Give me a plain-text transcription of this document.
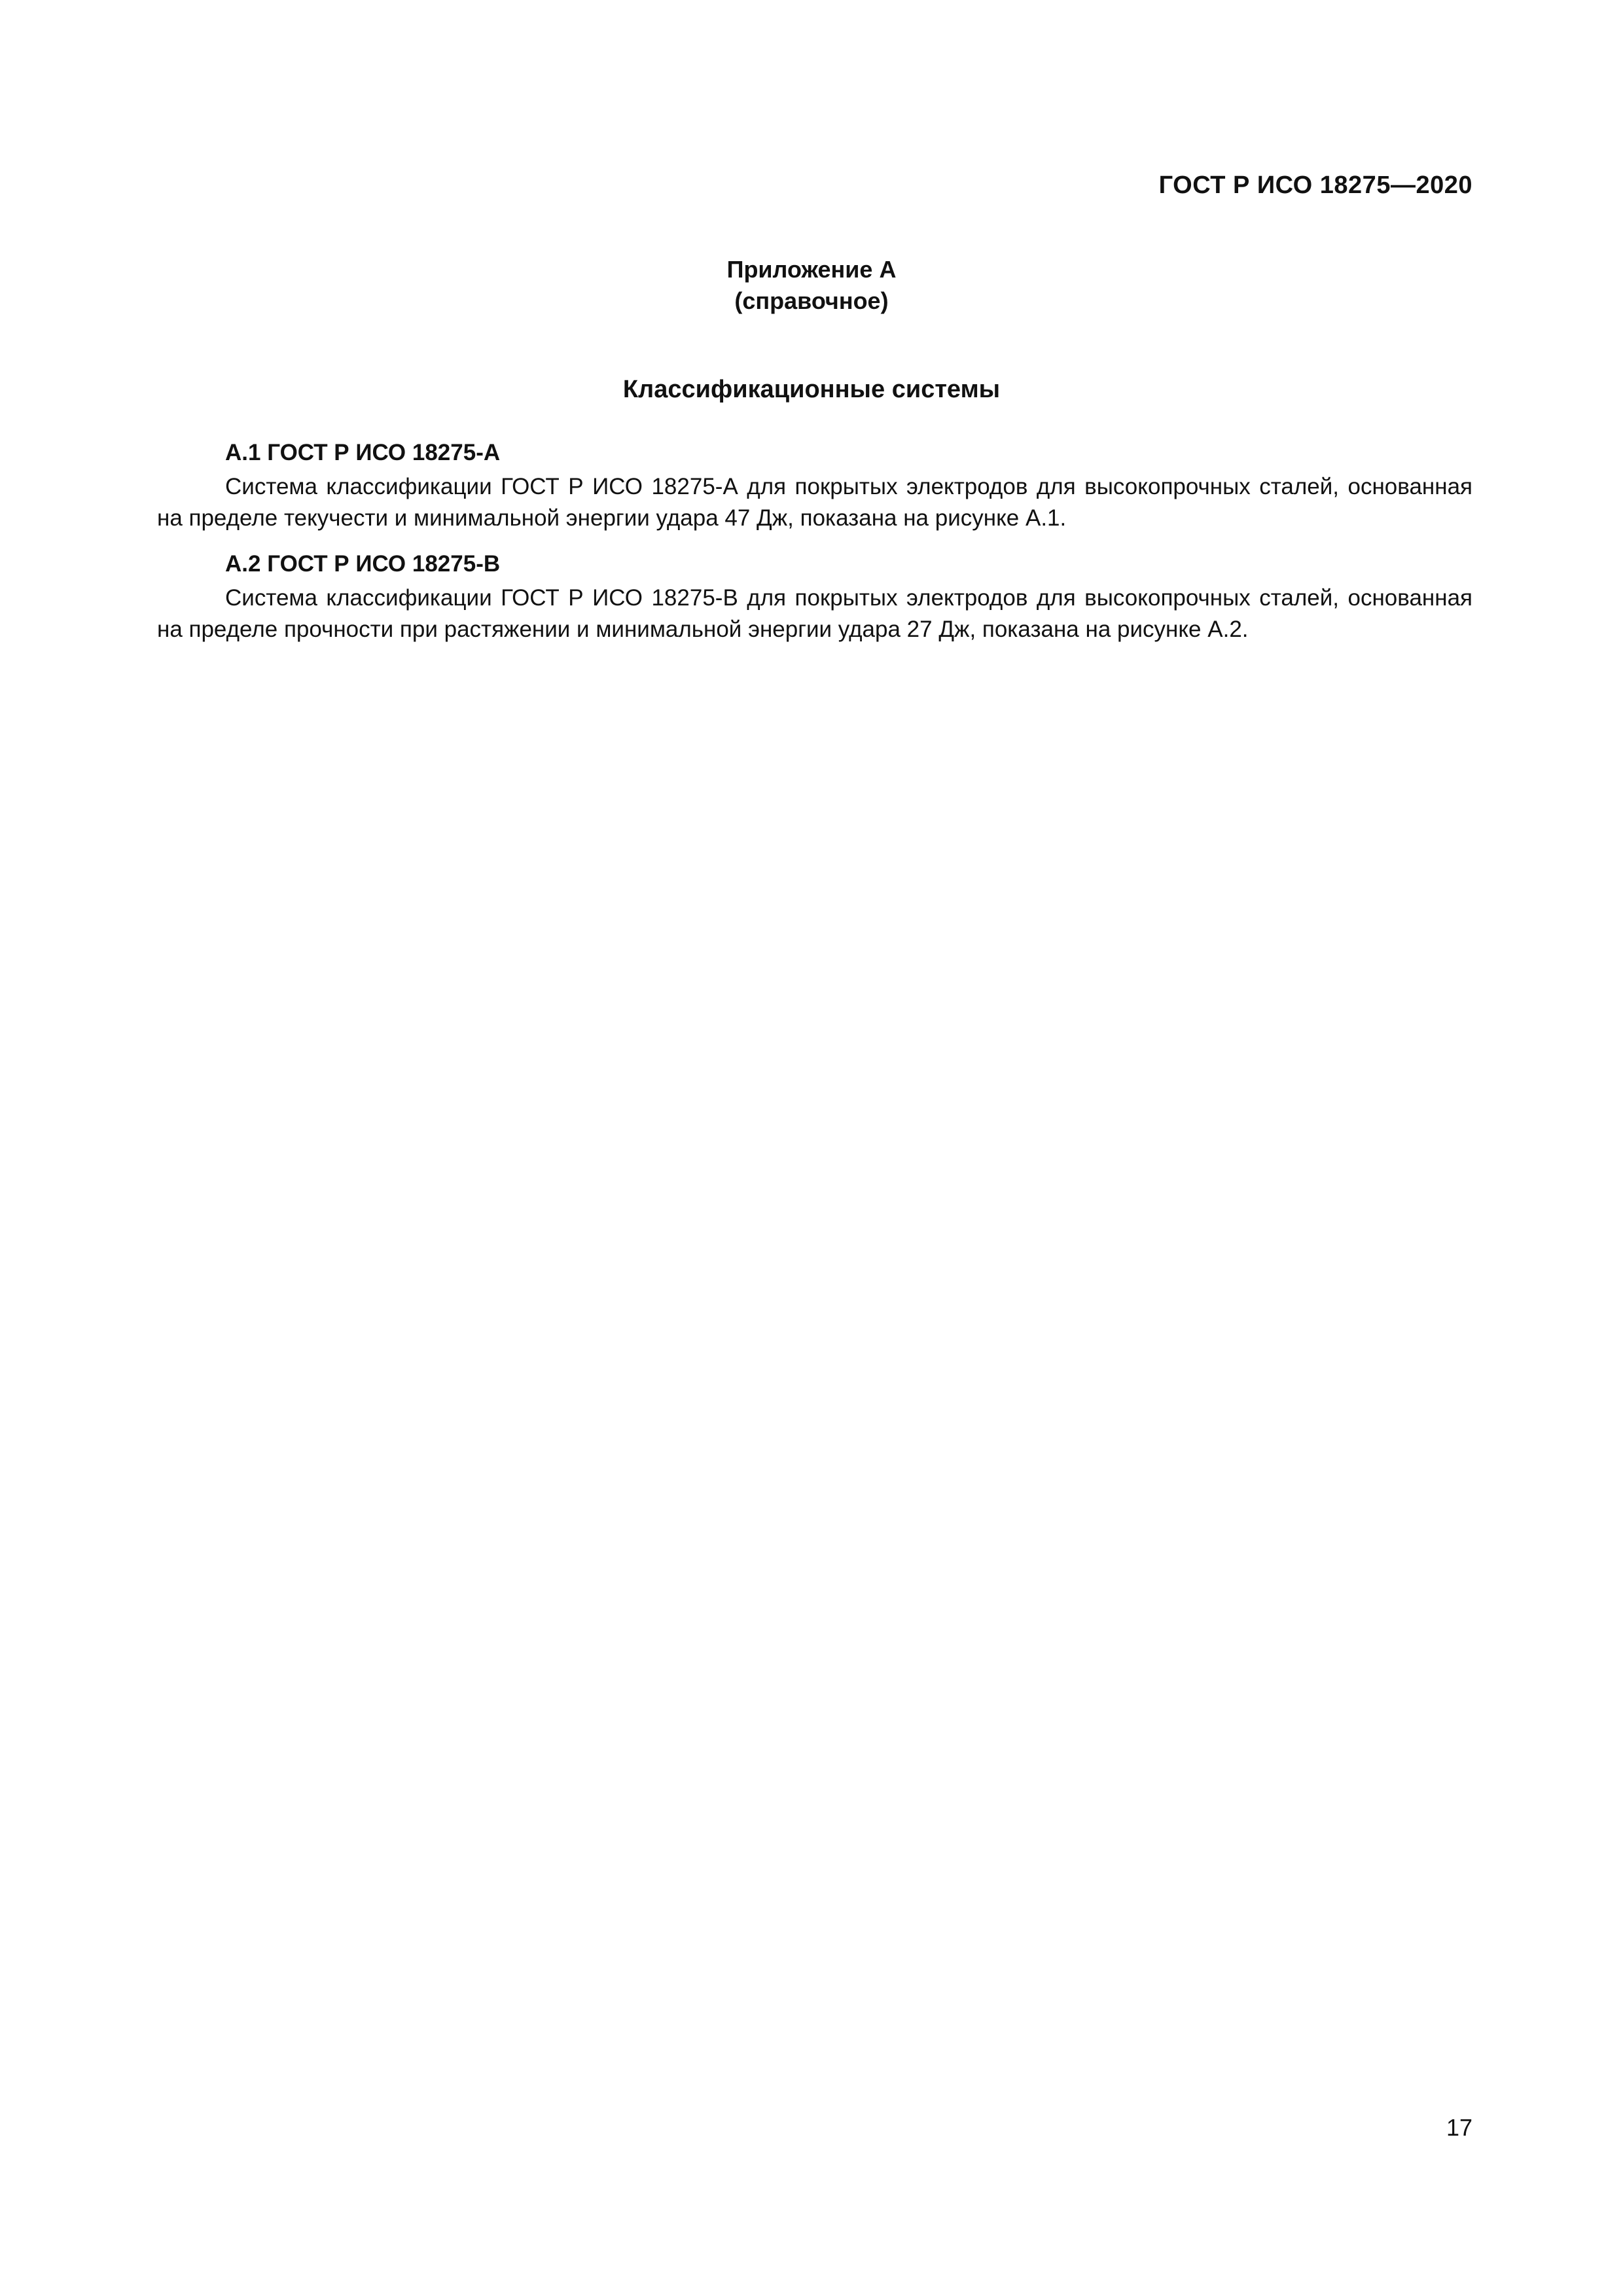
ГОСТ Р ИСО 18275—2020
Приложение А
(справочное)
Классификационные системы

А.1 ГОСТ Р ИСО 18275-А

Система классификации ГОСТ Р ИСО 18275-А для покрытых электродов для высокопрочных сталей, основанная на пределе текучести и минимальной энергии удара 47 Дж, показана на рисунке А.1.

А.2 ГОСТ Р ИСО 18275-В

Система классификации ГОСТ Р ИСО 18275-В для покрытых электродов для высокопрочных сталей, основанная на пределе прочности при растяжении и минимальной энергии удара 27 Дж, показана на рисунке А.2.

17
